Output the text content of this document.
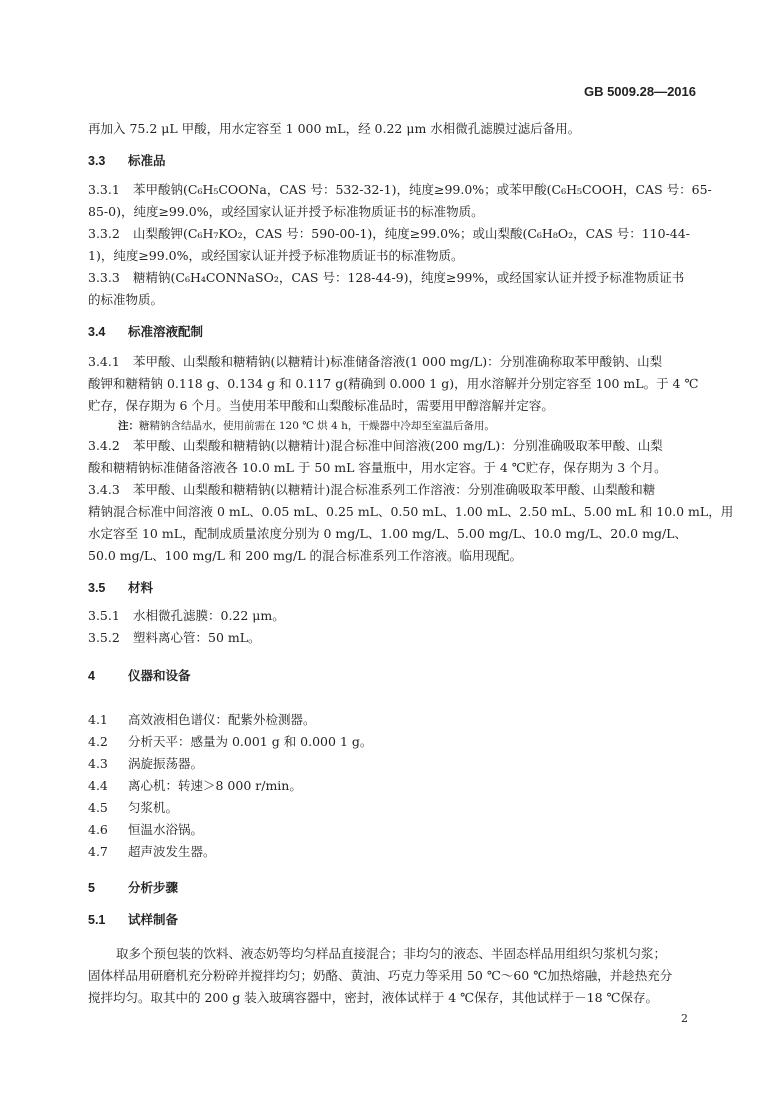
GB 5009.28—2016
再加入 75.2 μL 甲酸，用水定容至 1 000 mL，经 0.22 μm 水相微孔滤膜过滤后备用。
3.3 标准品
3.3.1 苯甲酸钠(C₆H₅COONa，CAS 号：532-32-1)，纯度≥99.0%；或苯甲酸(C₆H₅COOH，CAS 号：65-
85-0)，纯度≥99.0%，或经国家认证并授予标准物质证书的标准物质。
3.3.2 山梨酸钾(C₆H₇KO₂，CAS 号：590-00-1)，纯度≥99.0%；或山梨酸(C₆H₈O₂，CAS 号：110-44-
1)，纯度≥99.0%，或经国家认证并授予标准物质证书的标准物质。
3.3.3 糖精钠(C₆H₄CONNaSO₂，CAS 号：128-44-9)，纯度≥99%，或经国家认证并授予标准物质证书
的标准物质。
3.4 标准溶液配制
3.4.1 苯甲酸、山梨酸和糖精钠(以糖精计)标准储备溶液(1 000 mg/L)：分别准确称取苯甲酸钠、山梨
酸钾和糖精钠 0.118 g、0.134 g 和 0.117 g(精确到 0.000 1 g)，用水溶解并分别定容至 100 mL。于 4 ℃
贮存，保存期为 6 个月。当使用苯甲酸和山梨酸标准品时，需要用甲醇溶解并定容。
注：糖精钠含结晶水，使用前需在 120 ℃ 烘 4 h，干燥器中冷却至室温后备用。
3.4.2 苯甲酸、山梨酸和糖精钠(以糖精计)混合标准中间溶液(200 mg/L)：分别准确吸取苯甲酸、山梨
酸和糖精钠标准储备溶液各 10.0 mL 于 50 mL 容量瓶中，用水定容。于 4 ℃贮存，保存期为 3 个月。
3.4.3 苯甲酸、山梨酸和糖精钠(以糖精计)混合标准系列工作溶液：分别准确吸取苯甲酸、山梨酸和糖
精钠混合标准中间溶液 0 mL、0.05 mL、0.25 mL、0.50 mL、1.00 mL、2.50 mL、5.00 mL 和 10.0 mL，用
水定容至 10 mL，配制成质量浓度分别为 0 mg/L、1.00 mg/L、5.00 mg/L、10.0 mg/L、20.0 mg/L、
50.0 mg/L、100 mg/L 和 200 mg/L 的混合标准系列工作溶液。临用现配。
3.5 材料
3.5.1 水相微孔滤膜：0.22 μm。
3.5.2 塑料离心管：50 mL。
4	仪器和设备
4.1 高效液相色谱仪：配紫外检测器。
4.2 分析天平：感量为 0.001 g 和 0.000 1 g。
4.3 涡旋振荡器。
4.4 离心机：转速＞8 000 r/min。
4.5 匀浆机。
4.6 恒温水浴锅。
4.7 超声波发生器。
5	分析步骤
5.1 试样制备
取多个预包装的饮料、液态奶等均匀样品直接混合；非均匀的液态、半固态样品用组织匀浆机匀浆；
固体样品用研磨机充分粉碎并搅拌均匀；奶酪、黄油、巧克力等采用 50 ℃～60 ℃加热熔融，并趁热充分
搅拌均匀。取其中的 200 g 装入玻璃容器中，密封，液体试样于 4 ℃保存，其他试样于－18 ℃保存。
2
